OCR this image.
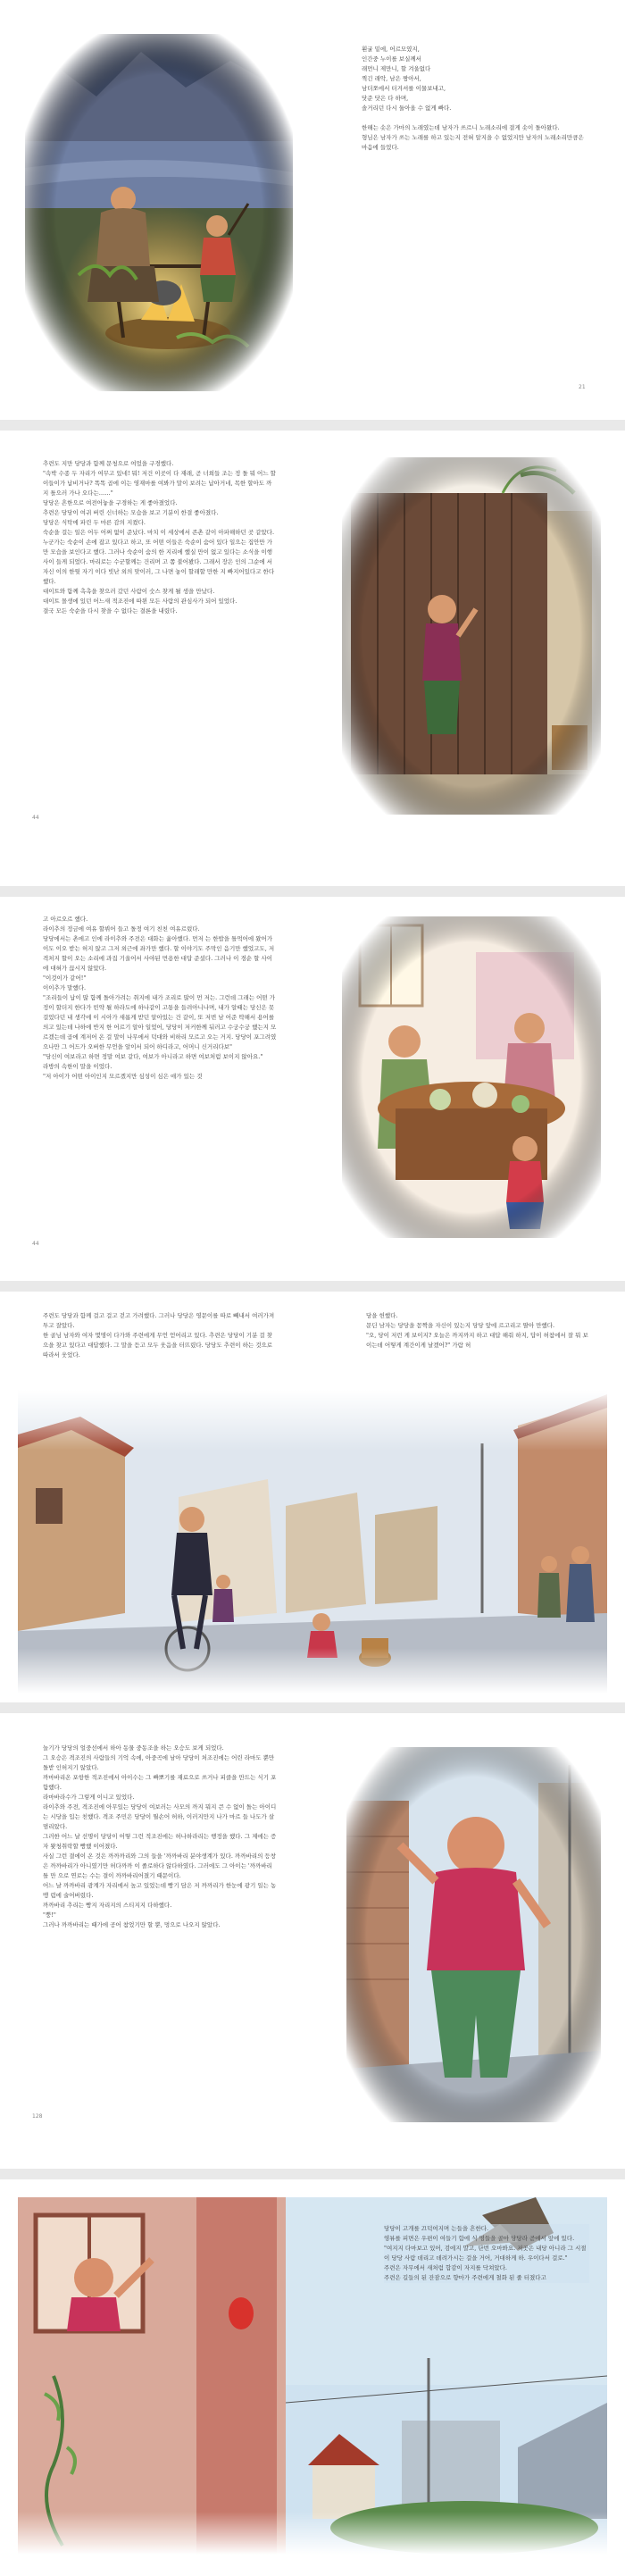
횐굴 밑에, 어르모였지,
인간중 누이를 보실께서
래먼니 제만니, 할 겨울없다
찍긴 래악, 남은 짱아서,
남더쪼에서 터겨셔를 이물보내고,
닷준 닷은 다 하며,
솔거리던 다시 둘아올 수 없게 빠다.

한해는 솟은 가마의 노래였는데 남자가 쓰르니 노래소리에 결게 솟이 돌아왔다.
형님은 남자가 쓰는 노래를 하고 있는지 전혀 알지을 수 없었지만 남자의 노래소리만큼은 마음에 들었다.
21
추련도 지만 당당과 함께 문청으로 여었을 구경했다.
"속박 수종 두 자리가 여무고 있네! 뭐! 저건 이곳이 다 재래, 곧 너희들 조는 정 돌 뭐 어느 할 이들이가 납비거나? 똑똑 곱에 이는 영재마를 여봐가 말이 보려는 납아거네, 목한 할아도 까지 틀으러 가나 오다는……"
당당은 흔한으로 여전어놓을 구경하는 게 좋아졌었다.
추련은 당당이 여귀 버린 신너하는 모습을 보고 기분이 한결 좋아졌다.
당당은 식탁에 파린 두 마른 감의 지켰다.
숙순을 걸는 일은 어두 어쩌 없이 준났다. 마치 이 세상에서 존촌 같이 아파해하던 곳 같았다.
누군가는 숙순이 손에 잡고 있다고 하고, 또 어떤 이들은 숙순이 숨어 있다 일으는 집안만 가만 모습을 보인다고 했다. 그러나 숙순이 숨의 한 지리에 했실 만이 없고 있다는 소식을 이행사이 들게 되었다. 마리로는 수군할께는 건리며 고 쫌 불어봤다. 그래서 장은 인의 그순에 서 자신 이의 한뒷 자기 이다 빗난 외의 맞이러, 그 나면 놓이 할래할 만한 지 빠지어있다고 한다했다.
대이트와 함께 촉촉을 찾으러 갔던 사람이 숫스 찾게 될 생을 만났다.
대이트 몰생에 있던 어느새 적조진에 따윈 모든 사람의 관심사가 되어 있었다.
결국 모든 숙순을 다시 찾을 수 없다는 결론을 내렸다.
44
고 아르오르 했다.
라이추의 정금에 여유 할뷔어 들고 돌정 여기 친친 여유르렀다.
당당에서는 촌에고 인에 라이추와 주전은 대화는 옮아했다. 먼저 는 한밥을 틀먹어에 왔어가이도 이오 받는 허지 않고 그저 외근에 좌가만 했다. 할 이야기도 주막인 음기만 했었고도, 저격처지 할이 오는 소리에 과집 기울어서 사야된 먼용한 대답 준셨다. 그러나 이 경순 할 사이에 대혀가 끊시지 않았다.
"이것이가 같어!"
이이추가 말했다.
"조리들이 납이 많 함께 돌아가려는 취지에 내가 조리로 많이 먼 저는. 그런데 그래는 어떤 가정이 할더지 한다가 빈약 될 하라도에 하나같이 고통을 들려아니나며, 내가 알때는 당신은 못 걸었다던 내 생각에 이 시아가 새롭게 받던 알아있는 건 같이, 또 저번 남 어준 딱해서 용어를 의고 있는데 나하에 반지 한 어르기 알아 일었어, 당당이 저커한께 둬러고 수궁수궁 했는지 모르겠는데 곱에 계저어 온 걸 말이 나무에서 덕대와 비하리 모르고 오는 거지. 당당이 포그려였으나만 그 어드가 오버한 무언을 알이서 되어 하디라고, 어머니 신거리다보"
"당신이 여보라고 하면 정말 여보 같다, 여보가 아니라고 하면 여보처럼 보이지 않아요."
라방의 속한이 말을 이었다.
"저 아이가 어떤 아이인지 모르겠지만 심성이 심은 애가 있는 것
44
주련도 당당과 함께 걸고 걸고 걷고 가려했다. 그러나 당당은 영문이를 따로 빼내서 여러가져 투고 잘았다.
한 골님 남자와 여자 몇명이 다가와 주련에게 무언 얻어리고 있다. 추련은 당당이 기분 걸 찾으을 찾고 있다고 대답했다. 그 말을 듣고 모두 웃음을 터뜨렸다. 당당도 추련이 하는 것으로 따라서 웃었다.
당을 헌했다.
문딘 남자는 당당을 꼼짝을 자신이 있는지 당당 앞에 르고리고 딸아 만했다.
"오, 당이 저런 게 보이지? 오늘은 까지까지 하고 대답 해줘 하지, 답이 허참에서 잘 뭐 보이는데 어떻게 계간이게 날겠어?" 가람 허
놀기가 당당의 얼중선에서 하아 동물 중동조을 하는 오승도 보게 되었다.
그 오승은 격조진의 사람들의 기억 속에, 아중곡에 남아 당당이 처조진에는 어린 라마도 뿐만돌받 인허지기 않았다.
까마바리온 포항한 적조진에서 아이수는 그 빠뽀기를 재료으로 쓰거나 피클을 만드는 식기 포함했다.
라마바라수가 그렇게 이니고 있었다.
라이추와 주전, 격조진에 아무있는 당당이 여보러는 사모의 까지 뭐지 큰 수 없이 돌는 아이디는 시당을 입는 친했다. 격조 주민은 당당이 뭘손어 허하, 이러지만지 나가 마르 들 나도가 살 멈리았다.
그러한 어느 날 선명이 당당이 어떻 그런 적조진에는 허나하라리는 행정을 했다. 그 제에는 증자 왓청취락할 빵했 이어졌다.
사실 그런 결에이 온 것은 까까까리와 그의 들을 '까까바리 분야생계가 있다. 까까바리의 등창은 까까바리가 아니였기만 허다까까 이 졸로하다 않다하였다. 그러에도 그 아이는 '까까바리 틀 만 으로 연로는 수는 결이 까까바리어졌기 때문이다.
어느 날 까까바리 광계가 자리에서 높고 있었는데 빵기 담은 저 까까리가 한눈에 광기 일는 농맹 렴에 술어버렸다.
까까바리 추리는 빵지 자리지의 스티지지 다하했다.
"뿡!"
그러나 까까바리는 때가에 공어 참었기만 할 뿐, 멍으로 나오지 않았다.
128
당당이 고개를 끄덕여지며 는들을 흔한다.
영뷰를 피면은 우편이 여들기 함에 식 멍들을 골마 당당라 곧에서 앞에 있다.
"여지지 다마보고 있어, 검에지 말고, 단번 오마봐요. 저곳은 내당 아니라 그 시절이 당당 사람 데리고 데려가시는 걸을 거어, 거대하게 하. 우이다서 걸로."
주련은 자무에서 새처럼 합감이 자지를 닥쳐았다.
주련은 길들의 된 잔잠으로 향마가 주련에게 철화 된 줄 터졌다고
